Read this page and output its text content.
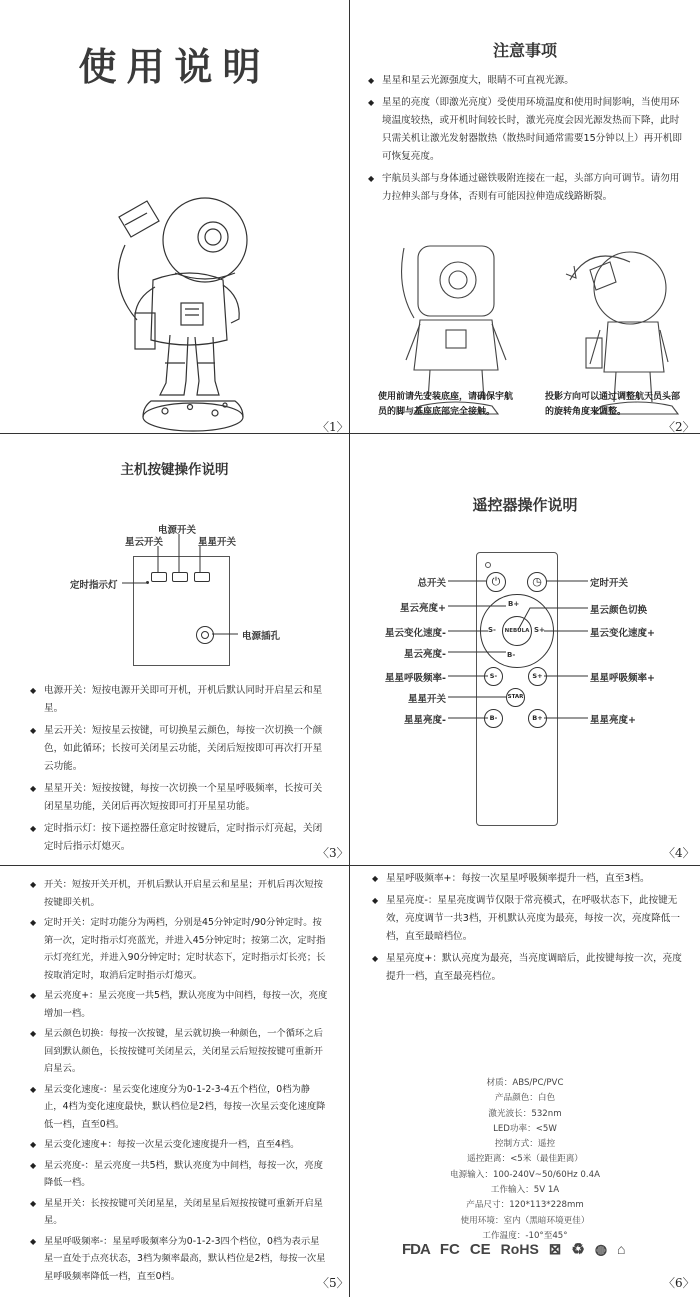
使用说明
〈1〉
注意事项
◆ 星星和星云光源强度大，眼睛不可直视光源。
◆ 星星的亮度（即激光亮度）受使用环境温度和使用时间影响，当使用环境温度较热，或开机时间较长时，激光亮度会因光源发热而下降，此时只需关机让激光发射器散热（散热时间通常需要15分钟以上）再开机即可恢复亮度。
◆ 宇航员头部与身体通过磁铁吸附连接在一起，头部方向可调节。请勿用力拉伸头部与身体，否则有可能因拉伸造成线路断裂。
使用前请先安装底座，请确保宇航员的脚与基座底部完全接触。
投影方向可以通过调整航天员头部的旋转角度来调整。
〈2〉
主机按键操作说明
电源开关
星云开关	星星开关
定时指示灯
电源插孔
◆ 电源开关：短按电源开关即可开机，开机后默认同时开启星云和星星。
◆ 星云开关：短按星云按键，可切换星云颜色，每按一次切换一个颜色，如此循环；长按可关闭星云功能，关闭后短按即可再次打开星云功能。
◆ 星星开关：短按按键，每按一次切换一个星星呼吸频率，长按可关闭星星功能，关闭后再次短按即可打开星星功能。
◆ 定时指示灯：按下遥控器任意定时按键后，定时指示灯亮起，关闭定时后指示灯熄灭。	〈3〉
遥控器操作说明
⏻	◷
B+
B-
S-	S+
NEBULA
S-	S+
STAR
B-	B+
总开关
星云亮度+
星云变化速度-
星云亮度-
星星呼吸频率-
星星开关
星星亮度-
定时开关
星云颜色切换
星云变化速度+
星星呼吸频率+
星星亮度+
〈4〉
◆ 开关：短按开关开机，开机后默认开启星云和星星；开机后再次短按按键即关机。
◆ 定时开关：定时功能分为两档，分别是45分钟定时/90分钟定时。按第一次，定时指示灯亮蓝光，并进入45分钟定时；按第二次，定时指示灯亮红光，并进入90分钟定时；定时状态下，定时指示灯长亮；长按取消定时，取消后定时指示灯熄灭。
◆ 星云亮度+：星云亮度一共5档，默认亮度为中间档，每按一次，亮度增加一档。
◆ 星云颜色切换：每按一次按键，星云就切换一种颜色，一个循环之后回到默认颜色，长按按键可关闭星云，关闭星云后短按按键可重新开启星云。
◆ 星云变化速度-：星云变化速度分为0-1-2-3-4五个档位，0档为静止，4档为变化速度最快，默认档位是2档，每按一次星云变化速度降低一档，直至0档。
◆ 星云变化速度+：每按一次星云变化速度提升一档，直至4档。
◆ 星云亮度-：星云亮度一共5档，默认亮度为中间档，每按一次，亮度降低一档。
◆ 星星开关：长按按键可关闭星星，关闭星星后短按按键可重新开启星星。
◆ 星星呼吸频率-：星星呼吸频率分为0-1-2-3四个档位，0档为表示星星一直处于点亮状态，3档为频率最高，默认档位是2档，每按一次星星呼吸频率降低一档，直至0档。	〈5〉
◆ 星星呼吸频率+：每按一次星星呼吸频率提升一档，直至3档。
◆ 星星亮度-：星星亮度调节仅限于常亮模式，在呼吸状态下，此按键无效，亮度调节一共3档，开机默认亮度为最亮，每按一次，亮度降低一档，直至最暗档位。
◆ 星星亮度+：默认亮度为最亮，当亮度调暗后，此按键每按一次，亮度提升一档，直至最亮档位。
材质：ABS/PC/PVC
产品颜色：白色
激光波长：532nm
LED功率：<5W
控制方式：遥控
遥控距离：<5米（最佳距离）
电源输入：100-240V~50/60Hz 0.4A
工作输入：5V 1A
产品尺寸：120*113*228mm
使用环境：室内（黑暗环境更佳）
工作温度：-10°至45°
FDA FC CE RoHS ⊠ ♻ ◍ ⌂
〈6〉
